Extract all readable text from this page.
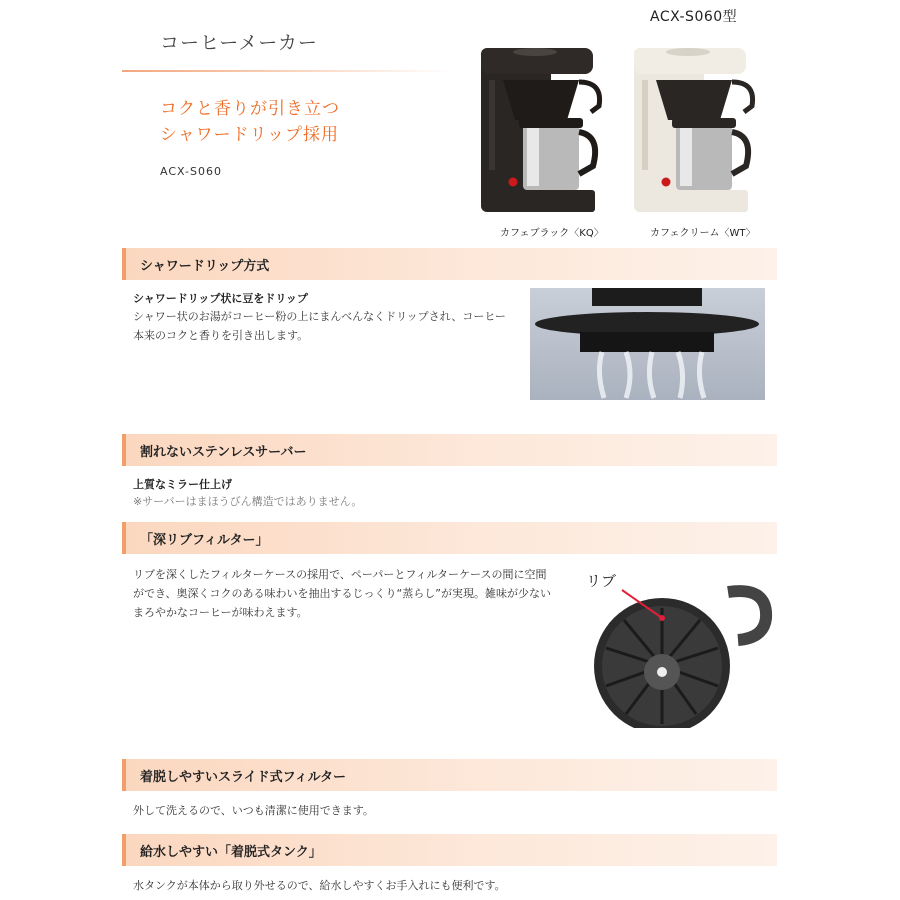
ACX-S060型
コーヒーメーカー
コクと香りが引き立つ
シャワードリップ採用
ACX-S060
カフェブラック〈KQ〉	カフェクリーム〈WT〉
シャワードリップ方式
シャワードリップ状に豆をドリップ
シャワー状のお湯がコーヒー粉の上にまんべんなくドリップされ、コーヒー
本来のコクと香りを引き出します。
割れないステンレスサーバー
上質なミラー仕上げ
※サーバーはまほうびん構造ではありません。
「深リブフィルター」
リブを深くしたフィルターケースの採用で、ペーパーとフィルターケースの間に空間
ができ、奥深くコクのある味わいを抽出するじっくり“蒸らし”が実現。雑味が少ない
まろやかなコーヒーが味わえます。
リブ
着脱しやすいスライド式フィルター
外して洗えるので、いつも清潔に使用できます。
給水しやすい「着脱式タンク」
水タンクが本体から取り外せるので、給水しやすくお手入れにも便利です。
